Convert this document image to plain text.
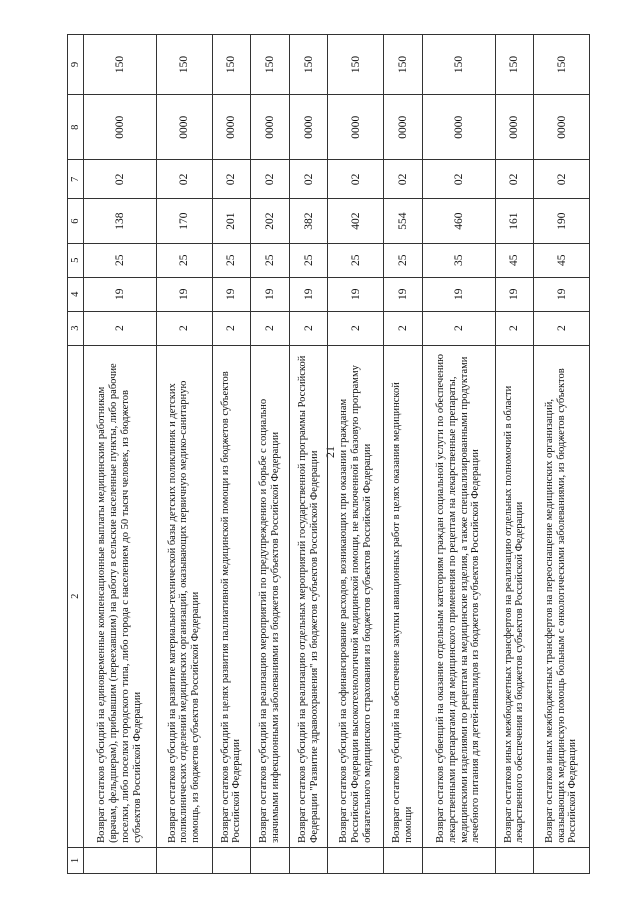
21
1	2	3	4	5	6	7	8	9
	Возврат остатков субсидий на единовременные компенсационные выплаты медицинским работникам (врачам, фельдшерам), прибывшим (переехавшим) на работу в сельские населенные пункты, либо рабочие поселки, либо поселки городского типа, либо города с населением до 50 тысяч человек, из бюджетов субъектов Российской Федерации	2	19	25	138	02	0000	150
	Возврат остатков субсидий на развитие материально-технической базы детских поликлиник и детских поликлинических отделений медицинских организаций, оказывающих первичную медико-санитарную помощь, из бюджетов субъектов Российской Федерации	2	19	25	170	02	0000	150
	Возврат остатков субсидий в целях развития паллиативной медицинской помощи из бюджетов субъектов Российской Федерации	2	19	25	201	02	0000	150
	Возврат остатков субсидий на реализацию мероприятий по предупреждению и борьбе с социально значимыми инфекционными заболеваниями из бюджетов субъектов Российской Федерации	2	19	25	202	02	0000	150
	Возврат остатков субсидий на реализацию отдельных мероприятий государственной программы Российской Федерации "Развитие здравоохранения" из бюджетов субъектов Российской Федерации	2	19	25	382	02	0000	150
	Возврат остатков субсидий на софинансирование расходов, возникающих при оказании гражданам Российской Федерации высокотехнологичной медицинской помощи, не включенной в базовую программу обязательного медицинского страхования из бюджетов субъектов Российской Федерации	2	19	25	402	02	0000	150
	Возврат остатков субсидий на обеспечение закупки авиационных работ в целях оказания медицинской помощи	2	19	25	554	02	0000	150
	Возврат остатков субвенций на оказание отдельным категориям граждан социальной услуги по обеспечению лекарственными препаратами для медицинского применения по рецептам на лекарственные препараты, медицинскими изделиями по рецептам на медицинские изделия, а также специализированными продуктами лечебного питания для детей-инвалидов из бюджетов субъектов Российской Федерации	2	19	35	460	02	0000	150
	Возврат остатков иных межбюджетных трансфертов на реализацию отдельных полномочий в области лекарственного обеспечения из бюджетов субъектов Российской Федерации	2	19	45	161	02	0000	150
	Возврат остатков иных межбюджетных трансфертов на переоснащение медицинских организаций, оказывающих медицинскую помощь больным с онкологическими заболеваниями, из бюджетов субъектов Российской Федерации	2	19	45	190	02	0000	150
